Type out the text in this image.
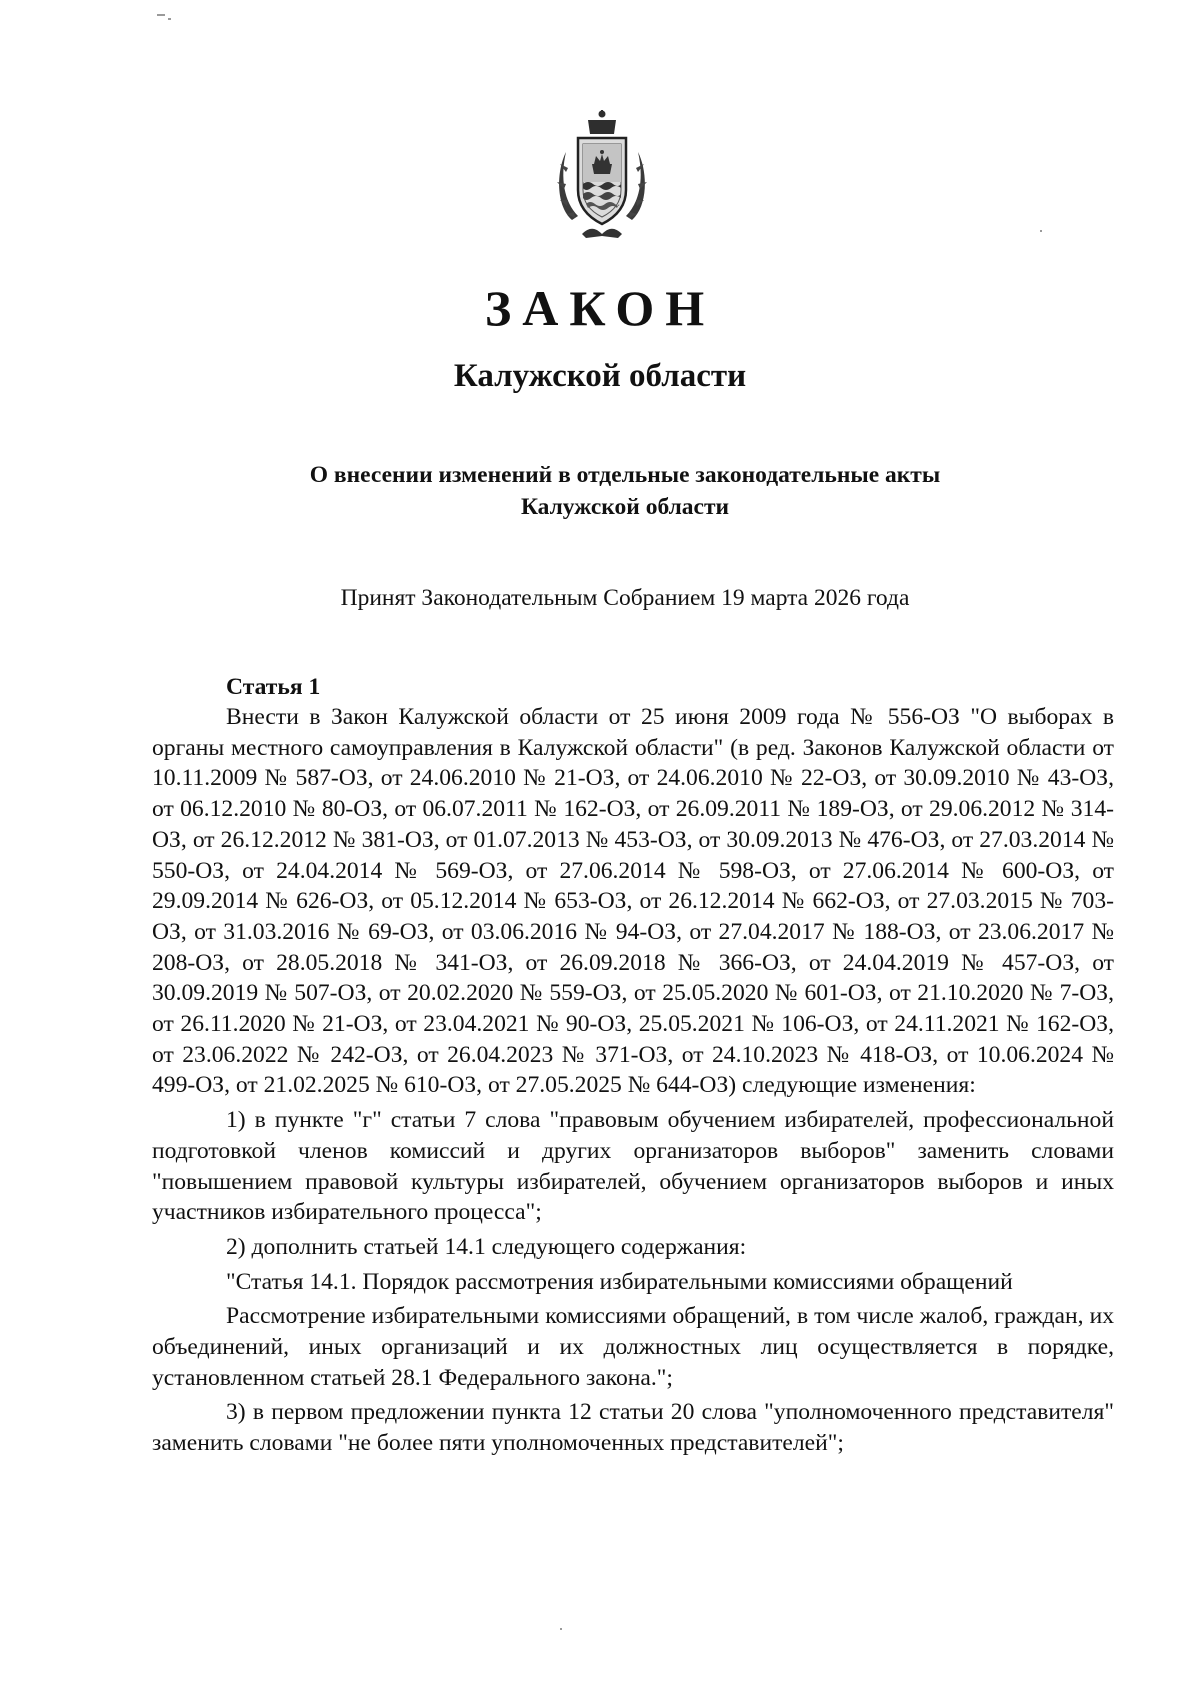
ЗАКОН
Калужской области
О внесении изменений в отдельные законодательные акты
Калужской области
Принят Законодательным Собранием 19 марта 2026 года

Статья 1

Внести в Закон Калужской области от 25 июня 2009 года № 556-ОЗ "О выборах в органы местного самоуправления в Калужской области" (в ред. Законов Калужской области от 10.11.2009 № 587-ОЗ, от 24.06.2010 № 21-ОЗ, от 24.06.2010 № 22-ОЗ, от 30.09.2010 № 43-ОЗ, от 06.12.2010 № 80-ОЗ, от 06.07.2011 № 162-ОЗ, от 26.09.2011 № 189-ОЗ, от 29.06.2012 № 314-ОЗ, от 26.12.2012 № 381-ОЗ, от 01.07.2013 № 453-ОЗ, от 30.09.2013 № 476-ОЗ, от 27.03.2014 № 550-ОЗ, от 24.04.2014 № 569-ОЗ, от 27.06.2014 № 598-ОЗ, от 27.06.2014 № 600-ОЗ, от 29.09.2014 № 626-ОЗ, от 05.12.2014 № 653-ОЗ, от 26.12.2014 № 662-ОЗ, от 27.03.2015 № 703-ОЗ, от 31.03.2016 № 69-ОЗ, от 03.06.2016 № 94-ОЗ, от 27.04.2017 № 188-ОЗ, от 23.06.2017 № 208-ОЗ, от 28.05.2018 № 341-ОЗ, от 26.09.2018 № 366-ОЗ, от 24.04.2019 № 457-ОЗ, от 30.09.2019 № 507-ОЗ, от 20.02.2020 № 559-ОЗ, от 25.05.2020 № 601-ОЗ, от 21.10.2020 № 7-ОЗ, от 26.11.2020 № 21-ОЗ, от 23.04.2021 № 90-ОЗ, 25.05.2021 № 106-ОЗ, от 24.11.2021 № 162-ОЗ, от 23.06.2022 № 242-ОЗ, от 26.04.2023 № 371-ОЗ, от 24.10.2023 № 418-ОЗ, от 10.06.2024 № 499-ОЗ, от 21.02.2025 № 610-ОЗ, от 27.05.2025 № 644-ОЗ) следующие изменения:

1) в пункте "г" статьи 7 слова "правовым обучением избирателей, профессиональной подготовкой членов комиссий и других организаторов выборов" заменить словами "повышением правовой культуры избирателей, обучением организаторов выборов и иных участников избирательного процесса";

2) дополнить статьей 14.1 следующего содержания:

"Статья 14.1. Порядок рассмотрения избирательными комиссиями обращений

Рассмотрение избирательными комиссиями обращений, в том числе жалоб, граждан, их объединений, иных организаций и их должностных лиц осуществляется в порядке, установленном статьей 28.1 Федерального закона.";

3) в первом предложении пункта 12 статьи 20 слова "уполномоченного представителя" заменить словами "не более пяти уполномоченных представителей";
